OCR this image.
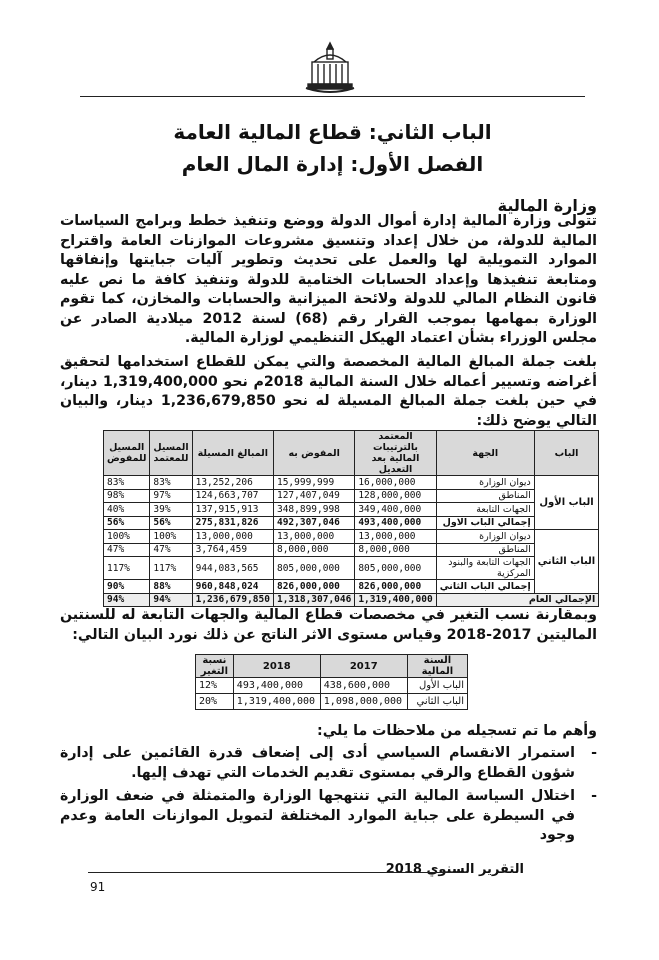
الباب الثاني: قطاع المالية العامة
الفصل الأول: إدارة المال العام
وزارة المالية
تتولى وزارة المالية إدارة أموال الدولة ووضع وتنفيذ خطط وبرامج السياسات المالية للدولة، من خلال إعداد وتنسيق مشروعات الموازنات العامة واقتراح الموارد التمويلية لها والعمل على تحديث وتطوير آليات جبايتها وإنفاقها ومتابعة تنفيذها وإعداد الحسابات الختامية للدولة وتنفيذ كافة ما نص عليه قانون النظام المالي للدولة ولائحة الميزانية والحسابات والمخازن، كما تقوم الوزارة بمهامها بموجب القرار رقم (68) لسنة 2012 ميلادية الصادر عن مجلس الوزراء بشأن اعتماد الهيكل التنظيمي لوزارة المالية.
بلغت جملة المبالغ المالية المخصصة والتي يمكن للقطاع استخدامها لتحقيق أغراضه وتسيير أعماله خلال السنة المالية 2018م نحو 1,319,400,000 دينار، في حين بلغت جملة المبالغ المسيلة له نحو 1,236,679,850 دينار، والبيان التالي يوضح ذلك:
الباب	الجهة	المعتمد بالترتيبات المالية بعد التعديل	المفوض به	المبالغ المسيلة	المسيل للمعتمد	المسيل للمفوض
الباب الأول	ديوان الوزارة	16,000,000	15,999,999	13,252,206	83%	83%
	المناطق	128,000,000	127,407,049	124,663,707	97%	98%
	الجهات التابعة	349,400,000	348,899,998	137,915,913	39%	40%
	إجمالي الباب الاول	493,400,000	492,307,046	275,831,826	56%	56%
الباب الثاني	ديوان الوزارة	13,000,000	13,000,000	13,000,000	100%	100%
	المناطق	8,000,000	8,000,000	3,764,459	47%	47%
	الجهات التابعة والبنود المركزية	805,000,000	805,000,000	944,083,565	117%	117%
	إجمالي الباب الثاني	826,000,000	826,000,000	960,848,024	88%	90%
الإجمالي العام		1,319,400,000	1,318,307,046	1,236,679,850	94%	94%
وبمقارنة نسب التغير في مخصصات قطاع المالية والجهات التابعة له للسنتين الماليتين 2017-2018 وقياس مستوى الاثر الناتج عن ذلك نورد البيان التالي:
السنة المالية	2017	2018	نسبة التغير
الباب الأول	438,600,000	493,400,000	12%
الباب الثاني	1,098,000,000	1,319,400,000	20%
وأهم ما تم تسجيله من ملاحظات ما يلي:
-
استمرار الانقسام السياسي أدى إلى إضعاف قدرة القائمين على إدارة شؤون القطاع والرقي بمستوى تقديم الخدمات التي تهدف إليها.
-
اختلال السياسة المالية التي تنتهجها الوزارة والمتمثلة في ضعف الوزارة في السيطرة على جباية الموارد المختلفة لتمويل الموازنات العامة وعدم وجود
التقرير السنوي 2018
91
